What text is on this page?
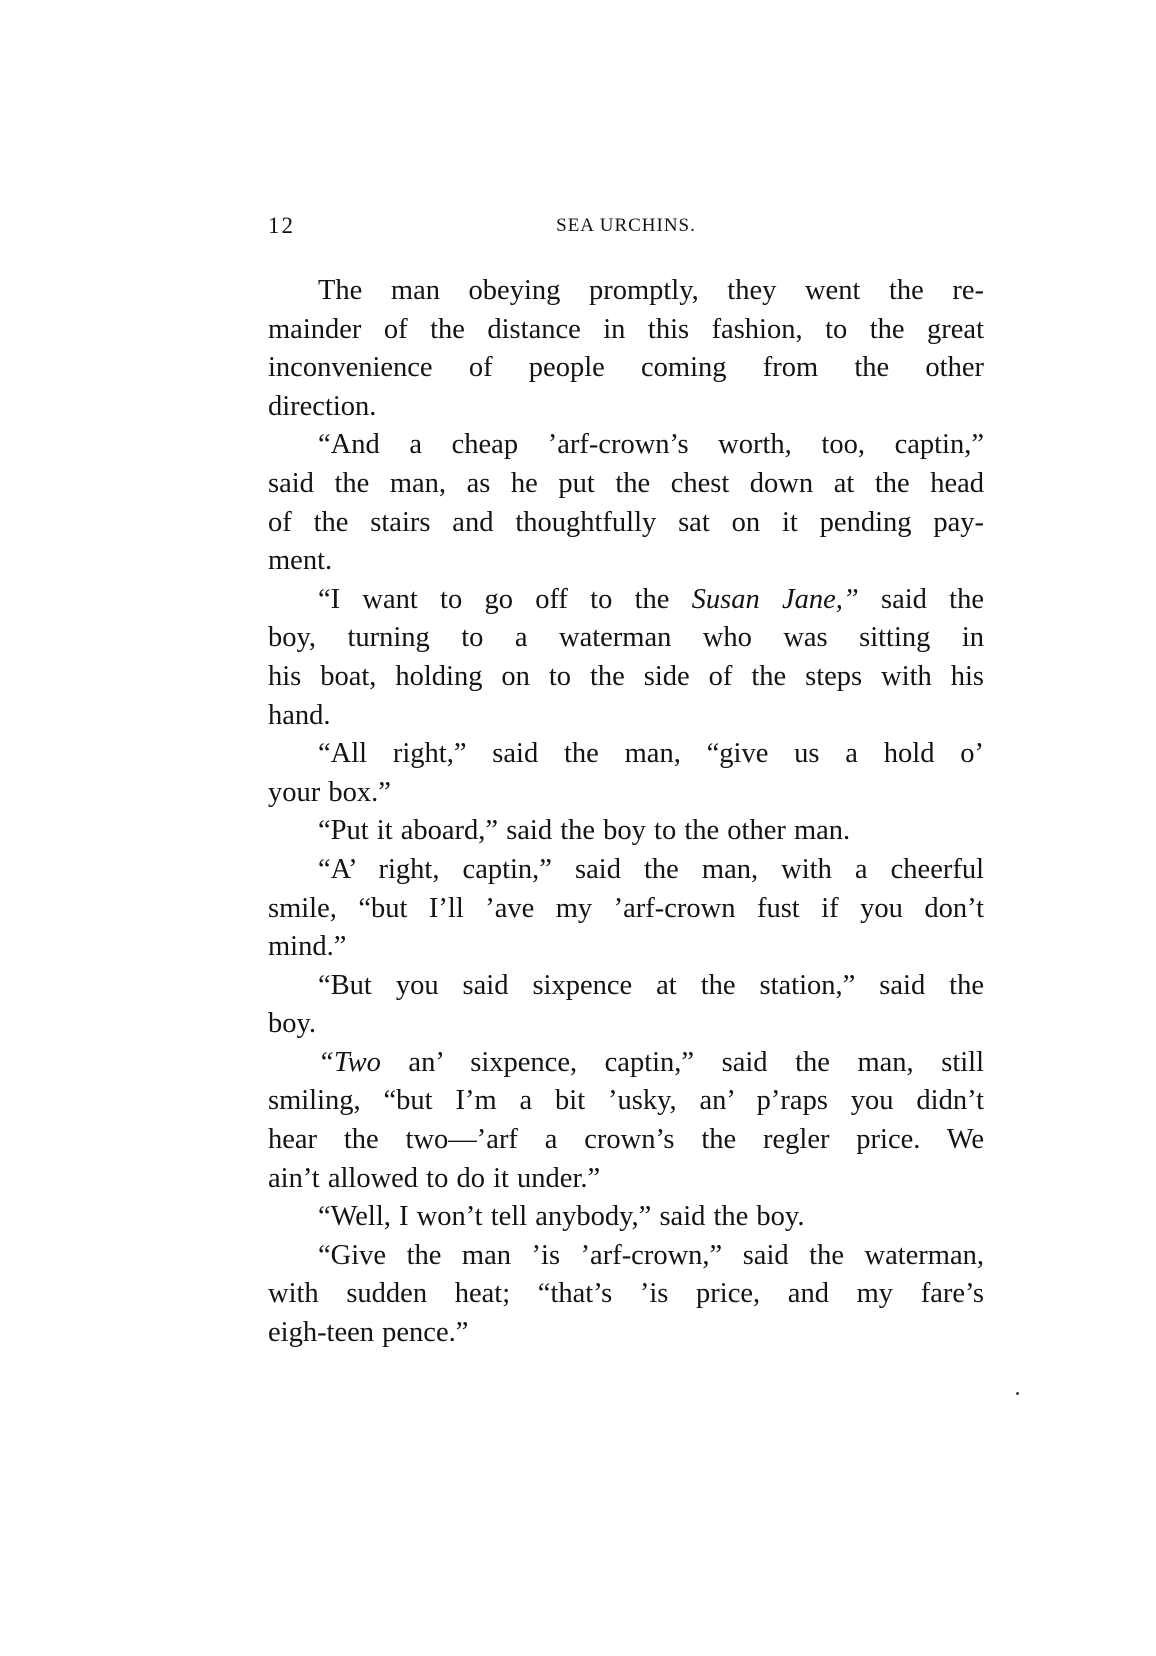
12	SEA URCHINS.

The man obeying promptly, they went the re-
mainder of the distance in this fashion, to the great
inconvenience of people coming from the other
direction.

“And a cheap ’arf-crown’s worth, too, captin,”
said the man, as he put the chest down at the head
of the stairs and thoughtfully sat on it pending pay-
ment.

“I want to go off to the Susan Jane,” said the
boy, turning to a waterman who was sitting in
his boat, holding on to the side of the steps with his
hand.

“All right,” said the man, “give us a hold o’
your box.”

“Put it aboard,” said the boy to the other man.

“A’ right, captin,” said the man, with a cheerful
smile, “but I’ll ’ave my ’arf-crown fust if you don’t
mind.”

“But you said sixpence at the station,” said the
boy.

“Two an’ sixpence, captin,” said the man, still
smiling, “but I’m a bit ’usky, an’ p’raps you didn’t
hear the two—’arf a crown’s the regler price. We
ain’t allowed to do it under.”

“Well, I won’t tell anybody,” said the boy.

“Give the man ’is ’arf-crown,” said the waterman,
with sudden heat; “that’s ’is price, and my fare’s
eigh-teen pence.”
